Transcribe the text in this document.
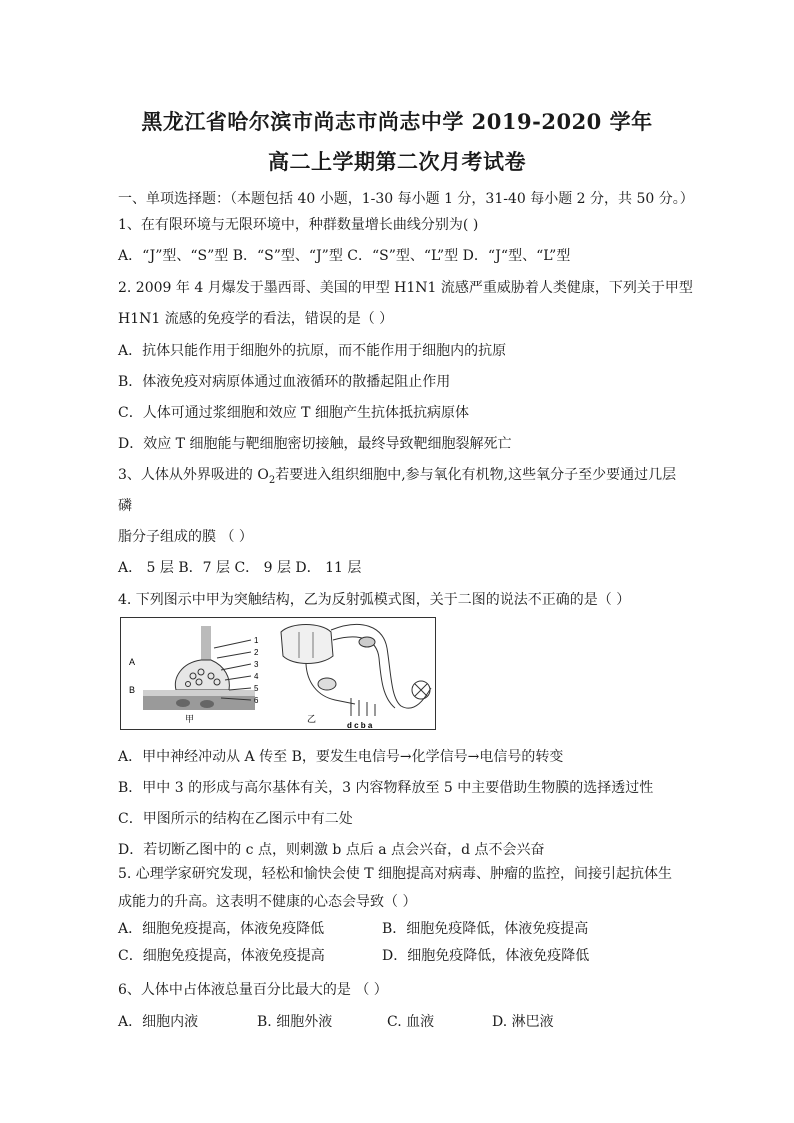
黑龙江省哈尔滨市尚志市尚志中学 2019-2020 学年
高二上学期第二次月考试卷
一、单项选择题：（本题包括 40 小题，1-30 每小题 1 分，31-40 每小题 2 分，共 50 分。）
1、在有限环境与无限环境中，种群数量增长曲线分别为( )
A．“J”型、“S”型 B．“S”型、“J”型 C．“S”型、“L”型 D．“J“型、“L”型
2. 2009 年 4 月爆发于墨西哥、美国的甲型 H1N1 流感严重威胁着人类健康，下列关于甲型
H1N1 流感的免疫学的看法，错误的是（ ）
A．抗体只能作用于细胞外的抗原，而不能作用于细胞内的抗原
B．体液免疫对病原体通过血液循环的散播起阻止作用
C．人体可通过浆细胞和效应 T 细胞产生抗体抵抗病原体
D．效应 T 细胞能与靶细胞密切接触，最终导致靶细胞裂解死亡
3、人体从外界吸进的 $O_2$若要进入组织细胞中,参与氧化有机物,这些氧分子至少要通过几层
磷
脂分子组成的膜 （ ）
A． 5 层 B．7 层 C． 9 层 D． 11 层
4. 下列图示中甲为突触结构，乙为反射弧模式图，关于二图的说法不正确的是（ ）
A
B
1
2
3
4
5
6
甲	乙
d c b a
A．甲中神经冲动从 A 传至 B，要发生电信号→化学信号→电信号的转变
B．甲中 3 的形成与高尔基体有关，3 内容物释放至 5 中主要借助生物膜的选择透过性
C．甲图所示的结构在乙图示中有二处
D．若切断乙图中的 c 点，则刺激 b 点后 a 点会兴奋，d 点不会兴奋
5. 心理学家研究发现，轻松和愉快会使 T 细胞提高对病毒、肿瘤的监控，间接引起抗体生
成能力的升高。这表明不健康的心态会导致（ ）
A．细胞免疫提高，体液免疫降低	B．细胞免疫降低，体液免疫提高
C．细胞免疫提高，体液免疫提高	D．细胞免疫降低，体液免疫降低
6、人体中占体液总量百分比最大的是 （ ）
A．细胞内液	B. 细胞外液	C. 血液	D. 淋巴液
